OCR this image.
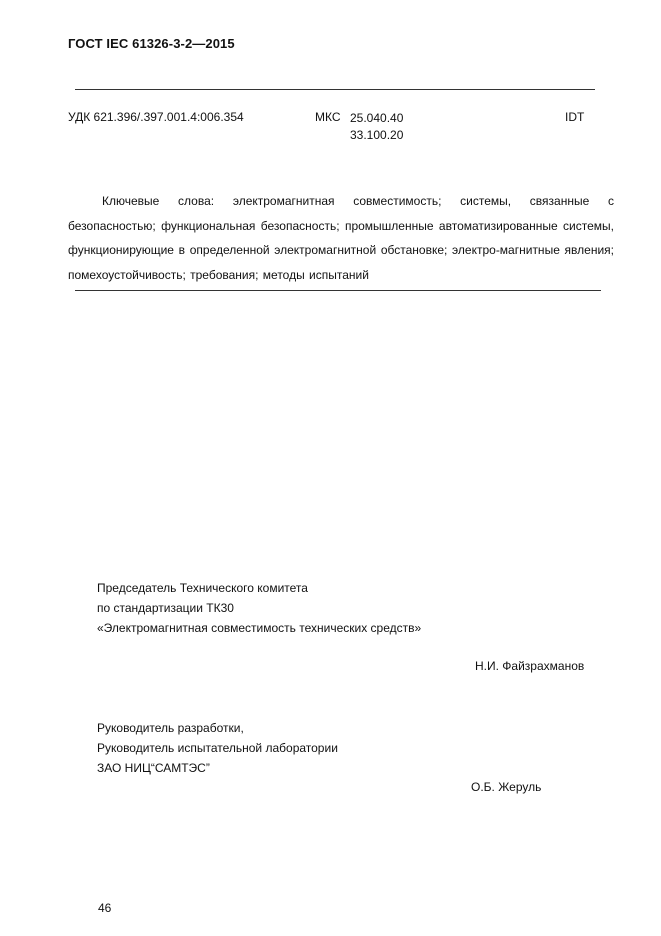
ГОСТ IEC 61326-3-2—2015
УДК 621.396/.397.001.4:006.354	МКС 25.040.40
33.100.20
IDT
Ключевые слова: электромагнитная совместимость; системы, связанные с безопасностью; функциональная безопасность; промышленные автоматизированные системы, функционирующие в определенной электромагнитной обстановке; электро-магнитные явления; помехоустойчивость; требования; методы испытаний
Председатель Технического комитета
по стандартизации ТК30
«Электромагнитная совместимость технических средств»
Н.И. Файзрахманов
Руководитель разработки,
Руководитель испытательной лаборатории
ЗАО НИЦ“САМТЭС”
О.Б. Жеруль
46
